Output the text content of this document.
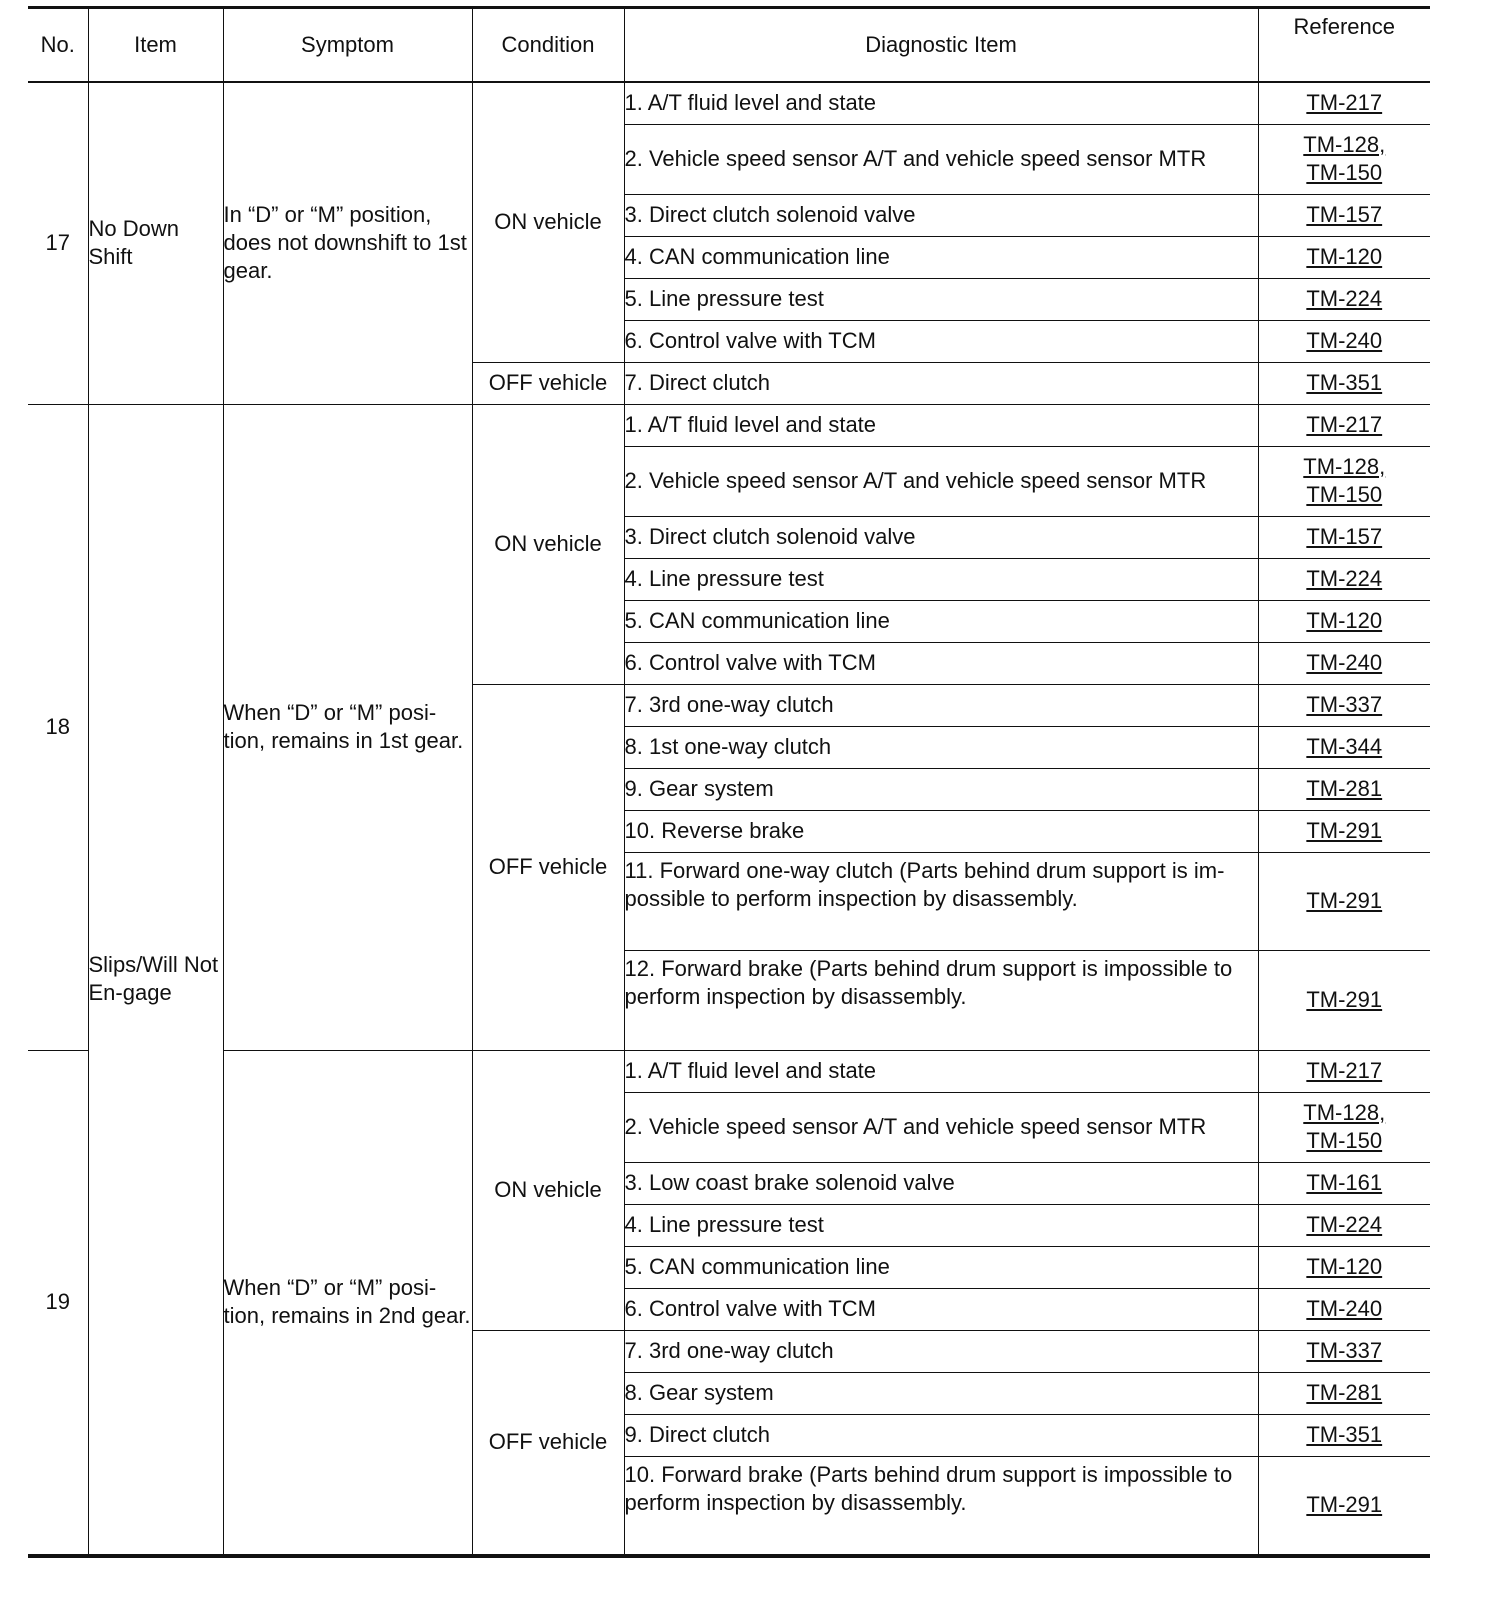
No.	Item	Symptom	Condition	Diagnostic Item	Reference
17	No Down Shift	In “D” or “M” position, does not downshift to 1st gear.	ON vehicle	1. A/T fluid level and state	TM-217
				2. Vehicle speed sensor A/T and vehicle speed sensor MTR	TM-128,
TM-150

				3. Direct clutch solenoid valve	TM-157
				4. CAN communication line	TM-120
				5. Line pressure test	TM-224
				6. Control valve with TCM	TM-240
			OFF vehicle	7. Direct clutch	TM-351
18	Slips/Will Not En-gage	When “D” or “M” posi-tion, remains in 1st gear.	ON vehicle	1. A/T fluid level and state	TM-217
				2. Vehicle speed sensor A/T and vehicle speed sensor MTR	TM-128,
TM-150

				3. Direct clutch solenoid valve	TM-157
				4. Line pressure test	TM-224
				5. CAN communication line	TM-120
				6. Control valve with TCM	TM-240
			OFF vehicle	7. 3rd one-way clutch	TM-337
				8. 1st one-way clutch	TM-344
				9. Gear system	TM-281
				10. Reverse brake	TM-291
				11. Forward one-way clutch (Parts behind drum support is im-possible to perform inspection by disassembly.	TM-291
				12. Forward brake (Parts behind drum support is impossible to perform inspection by disassembly.	TM-291
19		When “D” or “M” posi-tion, remains in 2nd gear.	ON vehicle	1. A/T fluid level and state	TM-217
				2. Vehicle speed sensor A/T and vehicle speed sensor MTR	TM-128,
TM-150

				3. Low coast brake solenoid valve	TM-161
				4. Line pressure test	TM-224
				5. CAN communication line	TM-120
				6. Control valve with TCM	TM-240
			OFF vehicle	7. 3rd one-way clutch	TM-337
				8. Gear system	TM-281
				9. Direct clutch	TM-351
				10. Forward brake (Parts behind drum support is impossible to perform inspection by disassembly.	TM-291
